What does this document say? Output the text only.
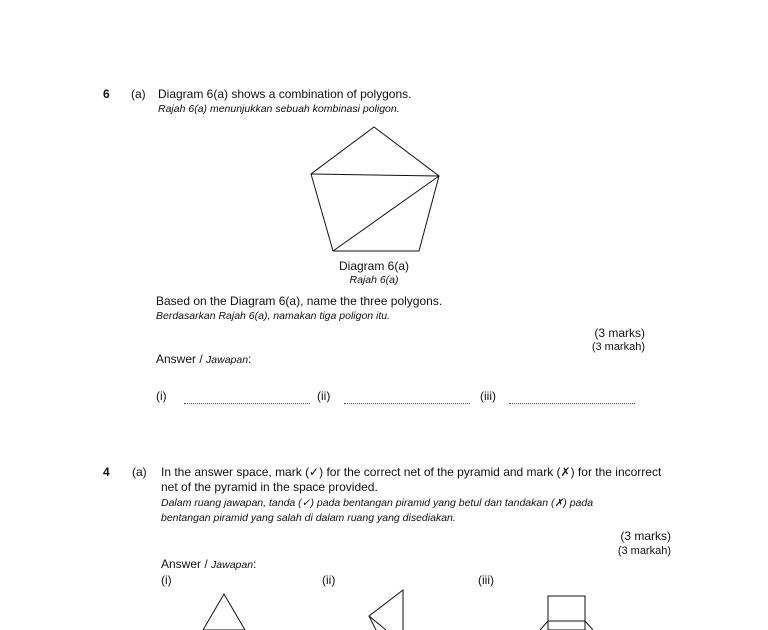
6 (a) Diagram 6(a) shows a combination of polygons.
Rajah 6(a) menunjukkan sebuah kombinasi poligon.
Diagram 6(a)
Rajah 6(a)
Based on the Diagram 6(a), name the three polygons.
Berdasarkan Rajah 6(a), namakan tiga poligon itu.
(3 marks)
(3 markah)
Answer / Jawapan:
(i)	(ii)	(iii)
4 (a) In the answer space, mark (✓) for the correct net of the pyramid and mark (✗) for the incorrect
net of the pyramid in the space provided.
Dalam ruang jawapan, tanda (✓) pada bentangan piramid yang betul dan tandakan (✗) pada
bentangan piramid yang salah di dalam ruang yang disediakan.
(3 marks)
(3 markah)
Answer / Jawapan:
(i)	(ii)	(iii)
